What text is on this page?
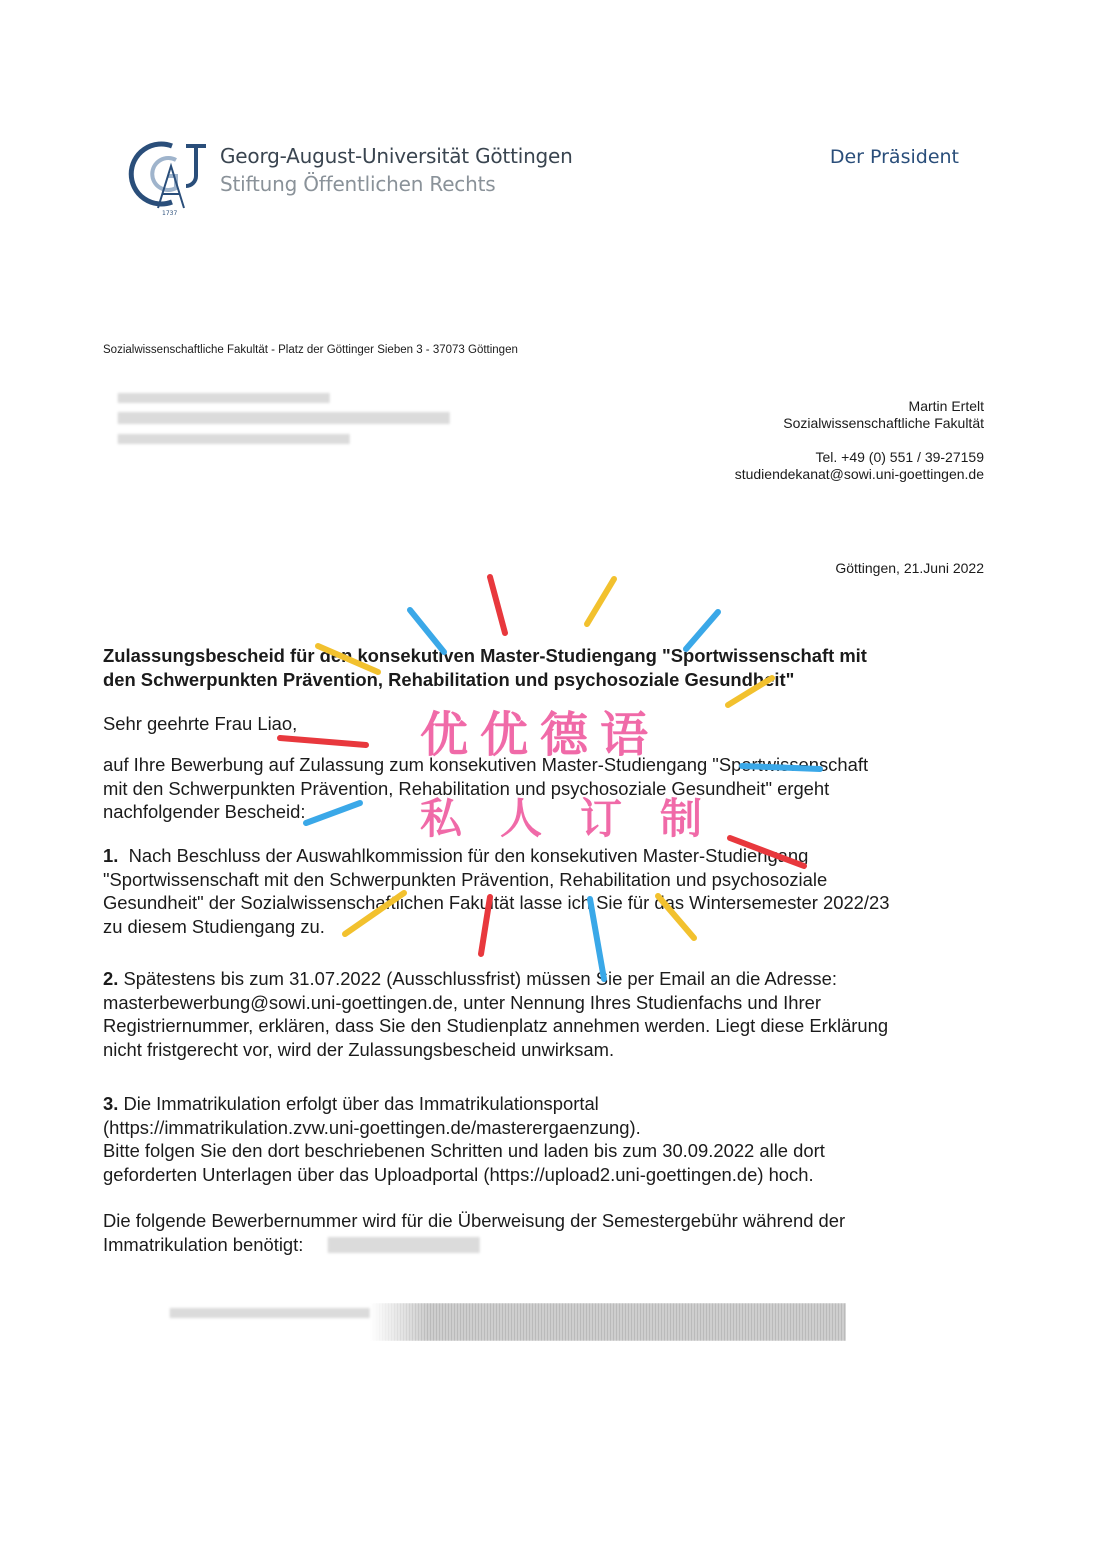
1737
Georg-August-Universität Göttingen
Stiftung Öffentlichen Rechts
Der Präsident
Sozialwissenschaftliche Fakultät - Platz der Göttinger Sieben 3 - 37073 Göttingen
Martin Ertelt
Sozialwissenschaftliche Fakultät
Tel. +49 (0) 551 / 39-27159
studiendekanat@sowi.uni-goettingen.de
Göttingen, 21.Juni 2022
Zulassungsbescheid für den konsekutiven Master-Studiengang "Sportwissenschaft mit
den Schwerpunkten Prävention, Rehabilitation und psychosoziale Gesundheit"
Sehr geehrte Frau Liao,
auf Ihre Bewerbung auf Zulassung zum konsekutiven Master-Studiengang "Sportwissenschaft
mit den Schwerpunkten Prävention, Rehabilitation und psychosoziale Gesundheit" ergeht
nachfolgender Bescheid:
1. Nach Beschluss der Auswahlkommission für den konsekutiven Master-Studiengang
"Sportwissenschaft mit den Schwerpunkten Prävention, Rehabilitation und psychosoziale
Gesundheit" der Sozialwissenschaftlichen Fakultät lasse ich Sie für das Wintersemester 2022/23
zu diesem Studiengang zu.
2. Spätestens bis zum 31.07.2022 (Ausschlussfrist) müssen Sie per Email an die Adresse:
masterbewerbung@sowi.uni-goettingen.de, unter Nennung Ihres Studienfachs und Ihrer
Registriernummer, erklären, dass Sie den Studienplatz annehmen werden. Liegt diese Erklärung
nicht fristgerecht vor, wird der Zulassungsbescheid unwirksam.
3. Die Immatrikulation erfolgt über das Immatrikulationsportal
(https://immatrikulation.zvw.uni-goettingen.de/masterergaenzung).
Bitte folgen Sie den dort beschriebenen Schritten und laden bis zum 30.09.2022 alle dort
geforderten Unterlagen über das Uploadportal (https://upload2.uni-goettingen.de) hoch.
Die folgende Bewerbernummer wird für die Überweisung der Semestergebühr während der
Immatrikulation benötigt:
优优德语
私人订制
